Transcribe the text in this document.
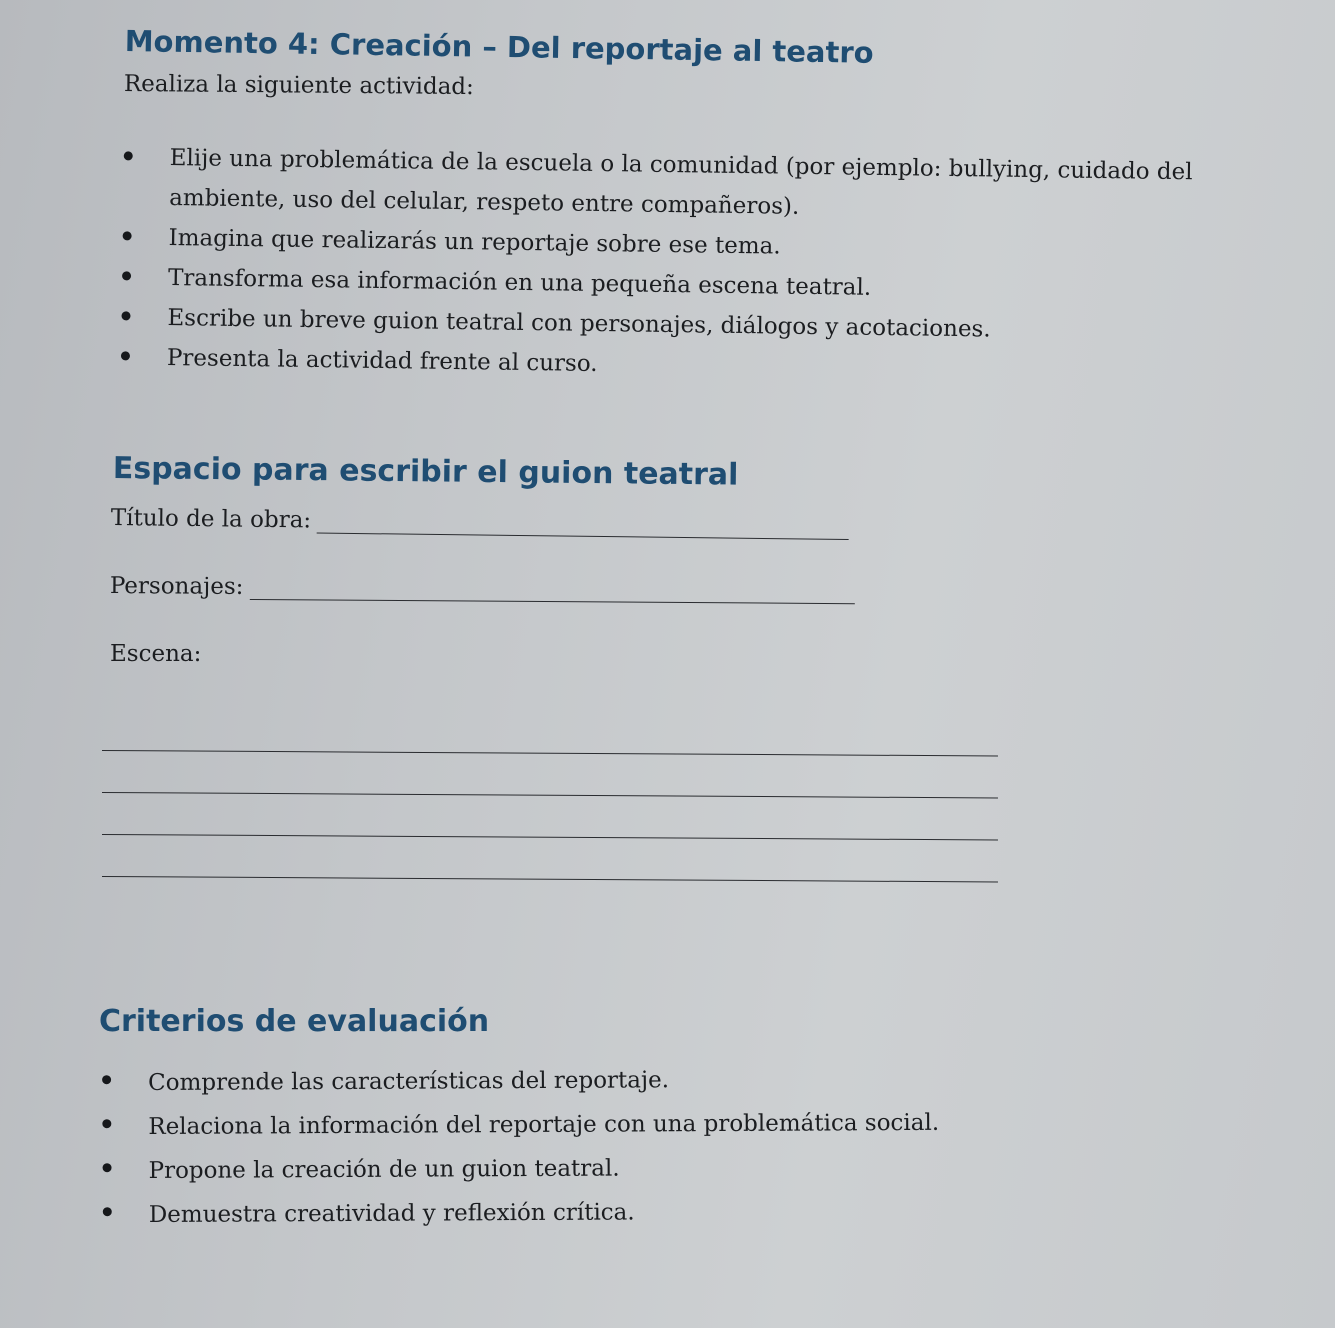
Momento 4: Creación – Del reportaje al teatro
Realiza la siguiente actividad:
Elije una problemática de la escuela o la comunidad (por ejemplo: bullying, cuidado del ambiente, uso del celular, respeto entre compañeros).
Imagina que realizarás un reportaje sobre ese tema.
Transforma esa información en una pequeña escena teatral.
Escribe un breve guion teatral con personajes, diálogos y acotaciones.
Presenta la actividad frente al curso.
Espacio para escribir el guion teatral
Título de la obra:
Personajes:
Escena:
Criterios de evaluación
Comprende las características del reportaje.
Relaciona la información del reportaje con una problemática social.
Propone la creación de un guion teatral.
Demuestra creatividad y reflexión crítica.
